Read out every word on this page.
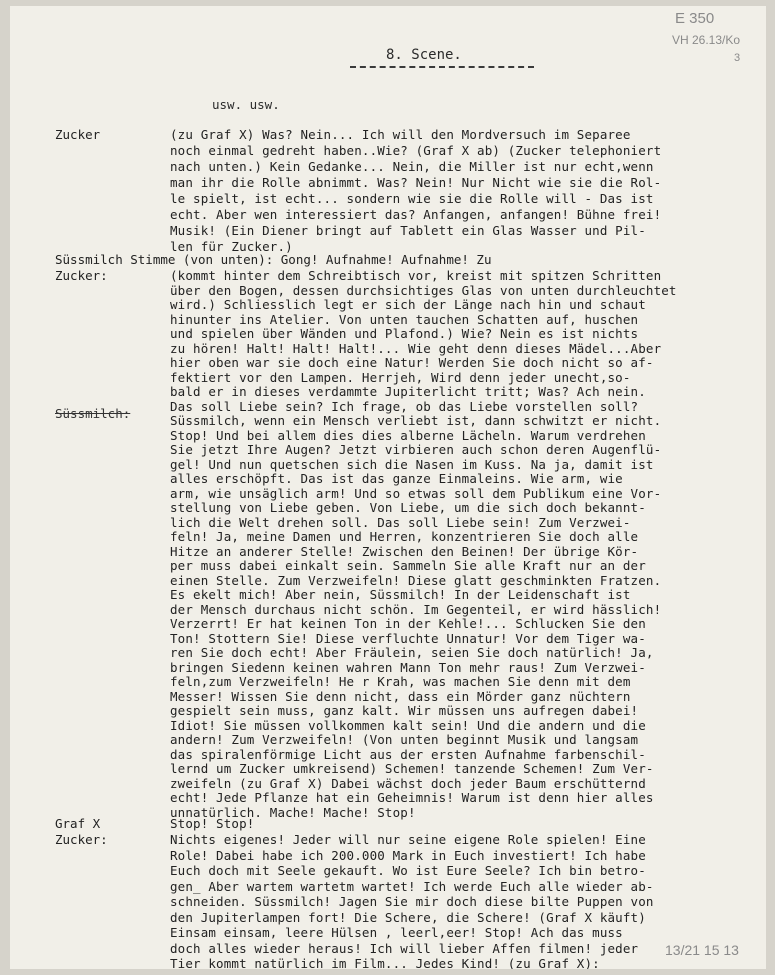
E 350
VH 26.13/Ko
3
13/21 15 13
8. Scene.
usw. usw.
Zucker
Süssmilch Stimme (von unten): Gong! Aufnahme! Aufnahme! Zu
Zucker:
Süssmilch:
Graf X
Zucker:
(zu Graf X) Was? Nein... Ich will den Mordversuch im Separee
noch einmal gedreht haben..Wie? (Graf X ab) (Zucker telephoniert
nach unten.) Kein Gedanke... Nein, die Miller ist nur echt,wenn
man ihr die Rolle abnimmt. Was? Nein! Nur Nicht wie sie die Rol-
le spielt, ist echt... sondern wie sie die Rolle will - Das ist
echt. Aber wen interessiert das? Anfangen, anfangen! Bühne frei!
Musik! (Ein Diener bringt auf Tablett ein Glas Wasser und Pil-
len für Zucker.)
(kommt hinter dem Schreibtisch vor, kreist mit spitzen Schritten
über den Bogen, dessen durchsichtiges Glas von unten durchleuchtet
wird.) Schliesslich legt er sich der Länge nach hin und schaut
hinunter ins Atelier. Von unten tauchen Schatten auf, huschen
und spielen über Wänden und Plafond.) Wie? Nein es ist nichts
zu hören! Halt! Halt! Halt!... Wie geht denn dieses Mädel...Aber
hier oben war sie doch eine Natur! Werden Sie doch nicht so af-
fektiert vor den Lampen. Herrjeh, Wird denn jeder unecht,so-
bald er in dieses verdammte Jupiterlicht tritt; Was? Ach nein.
Das soll Liebe sein? Ich frage, ob das Liebe vorstellen soll?
Süssmilch, wenn ein Mensch verliebt ist, dann schwitzt er nicht.
Stop! Und bei allem dies dies alberne Lächeln. Warum verdrehen
Sie jetzt Ihre Augen? Jetzt virbieren auch schon deren Augenflü-
gel! Und nun quetschen sich die Nasen im Kuss. Na ja, damit ist
alles erschöpft. Das ist das ganze Einmaleins. Wie arm, wie
arm, wie unsäglich arm! Und so etwas soll dem Publikum eine Vor-
stellung von Liebe geben. Von Liebe, um die sich doch bekannt-
lich die Welt drehen soll. Das soll Liebe sein! Zum Verzwei-
feln! Ja, meine Damen und Herren, konzentrieren Sie doch alle
Hitze an anderer Stelle! Zwischen den Beinen! Der übrige Kör-
per muss dabei einkalt sein. Sammeln Sie alle Kraft nur an der
einen Stelle. Zum Verzweifeln! Diese glatt geschminkten Fratzen.
Es ekelt mich! Aber nein, Süssmilch! In der Leidenschaft ist
der Mensch durchaus nicht schön. Im Gegenteil, er wird hässlich!
Verzerrt! Er hat keinen Ton in der Kehle!... Schlucken Sie den
Ton! Stottern Sie! Diese verfluchte Unnatur! Vor dem Tiger wa-
ren Sie doch echt! Aber Fräulein, seien Sie doch natürlich! Ja,
bringen Siedenn keinen wahren Mann Ton mehr raus! Zum Verzwei-
feln,zum Verzweifeln! He r Krah, was machen Sie denn mit dem
Messer! Wissen Sie denn nicht, dass ein Mörder ganz nüchtern
gespielt sein muss, ganz kalt. Wir müssen uns aufregen dabei!
Idiot! Sie müssen vollkommen kalt sein! Und die andern und die
andern! Zum Verzweifeln! (Von unten beginnt Musik und langsam
das spiralenförmige Licht aus der ersten Aufnahme farbenschil-
lernd um Zucker umkreisend) Schemen! tanzende Schemen! Zum Ver-
zweifeln (zu Graf X) Dabei wächst doch jeder Baum erschütternd
echt! Jede Pflanze hat ein Geheimnis! Warum ist denn hier alles
unnatürlich. Mache! Mache! Stop!
Stop! Stop!
Nichts eigenes! Jeder will nur seine eigene Role spielen! Eine
Role! Dabei habe ich 200.000 Mark in Euch investiert! Ich habe
Euch doch mit Seele gekauft. Wo ist Eure Seele? Ich bin betro-
gen_ Aber wartem wartetm wartet! Ich werde Euch alle wieder ab-
schneiden. Süssmilch! Jagen Sie mir doch diese bilte Puppen von
den Jupiterlampen fort! Die Schere, die Schere! (Graf X käuft)
Einsam einsam, leere Hülsen , leerl,eer! Stop! Ach das muss
doch alles wieder heraus! Ich will lieber Affen filmen! jeder
Tier kommt natürlich im Film... Jedes Kind! (zu Graf X):
